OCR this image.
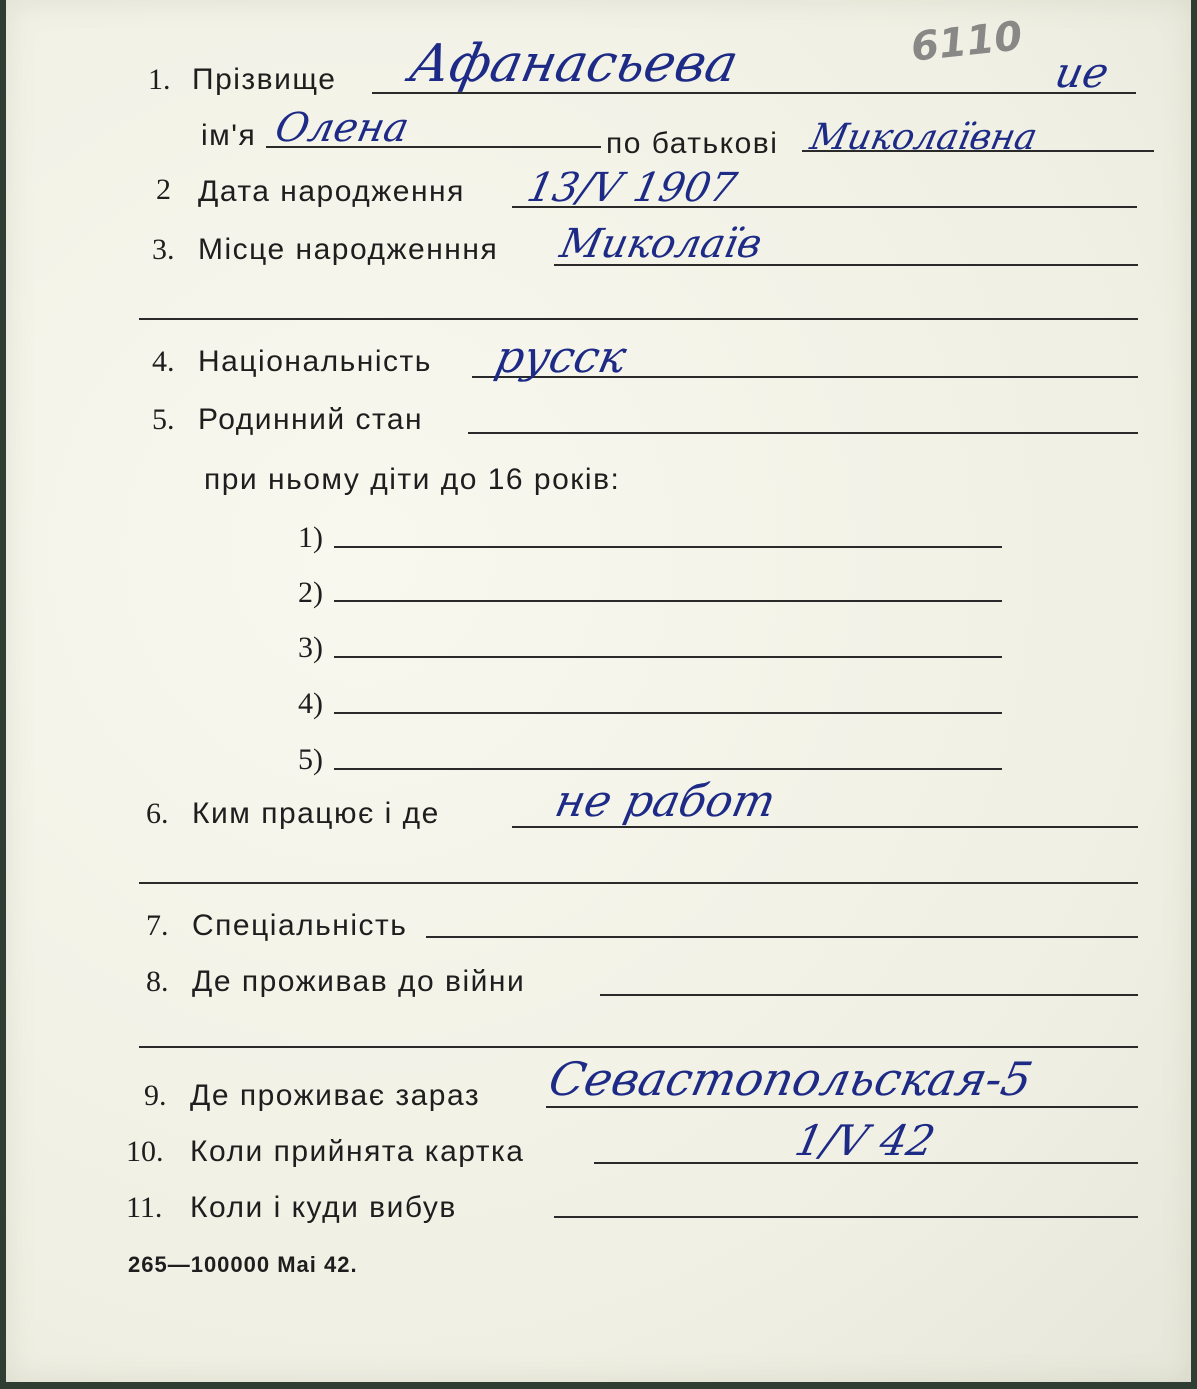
1. Прізвище Афанасьева	6110
ие
ім'я Олена	по батькові Миколаївна
2 Дата народження 13/V 1907
3. Місце народженння Миколаїв
4. Національність русск
5. Родинний стан
при ньому діти до 16 років:
1)
2)
3)
4)
5)
6. Ким працює і де	не работ
7. Спеціальність
8. Де проживав до війни
9. Де проживає зараз Севастопольская-5
10. Коли прийнята картка	1/V 42
11. Коли і куди вибув
265—100000 Mai 42.
